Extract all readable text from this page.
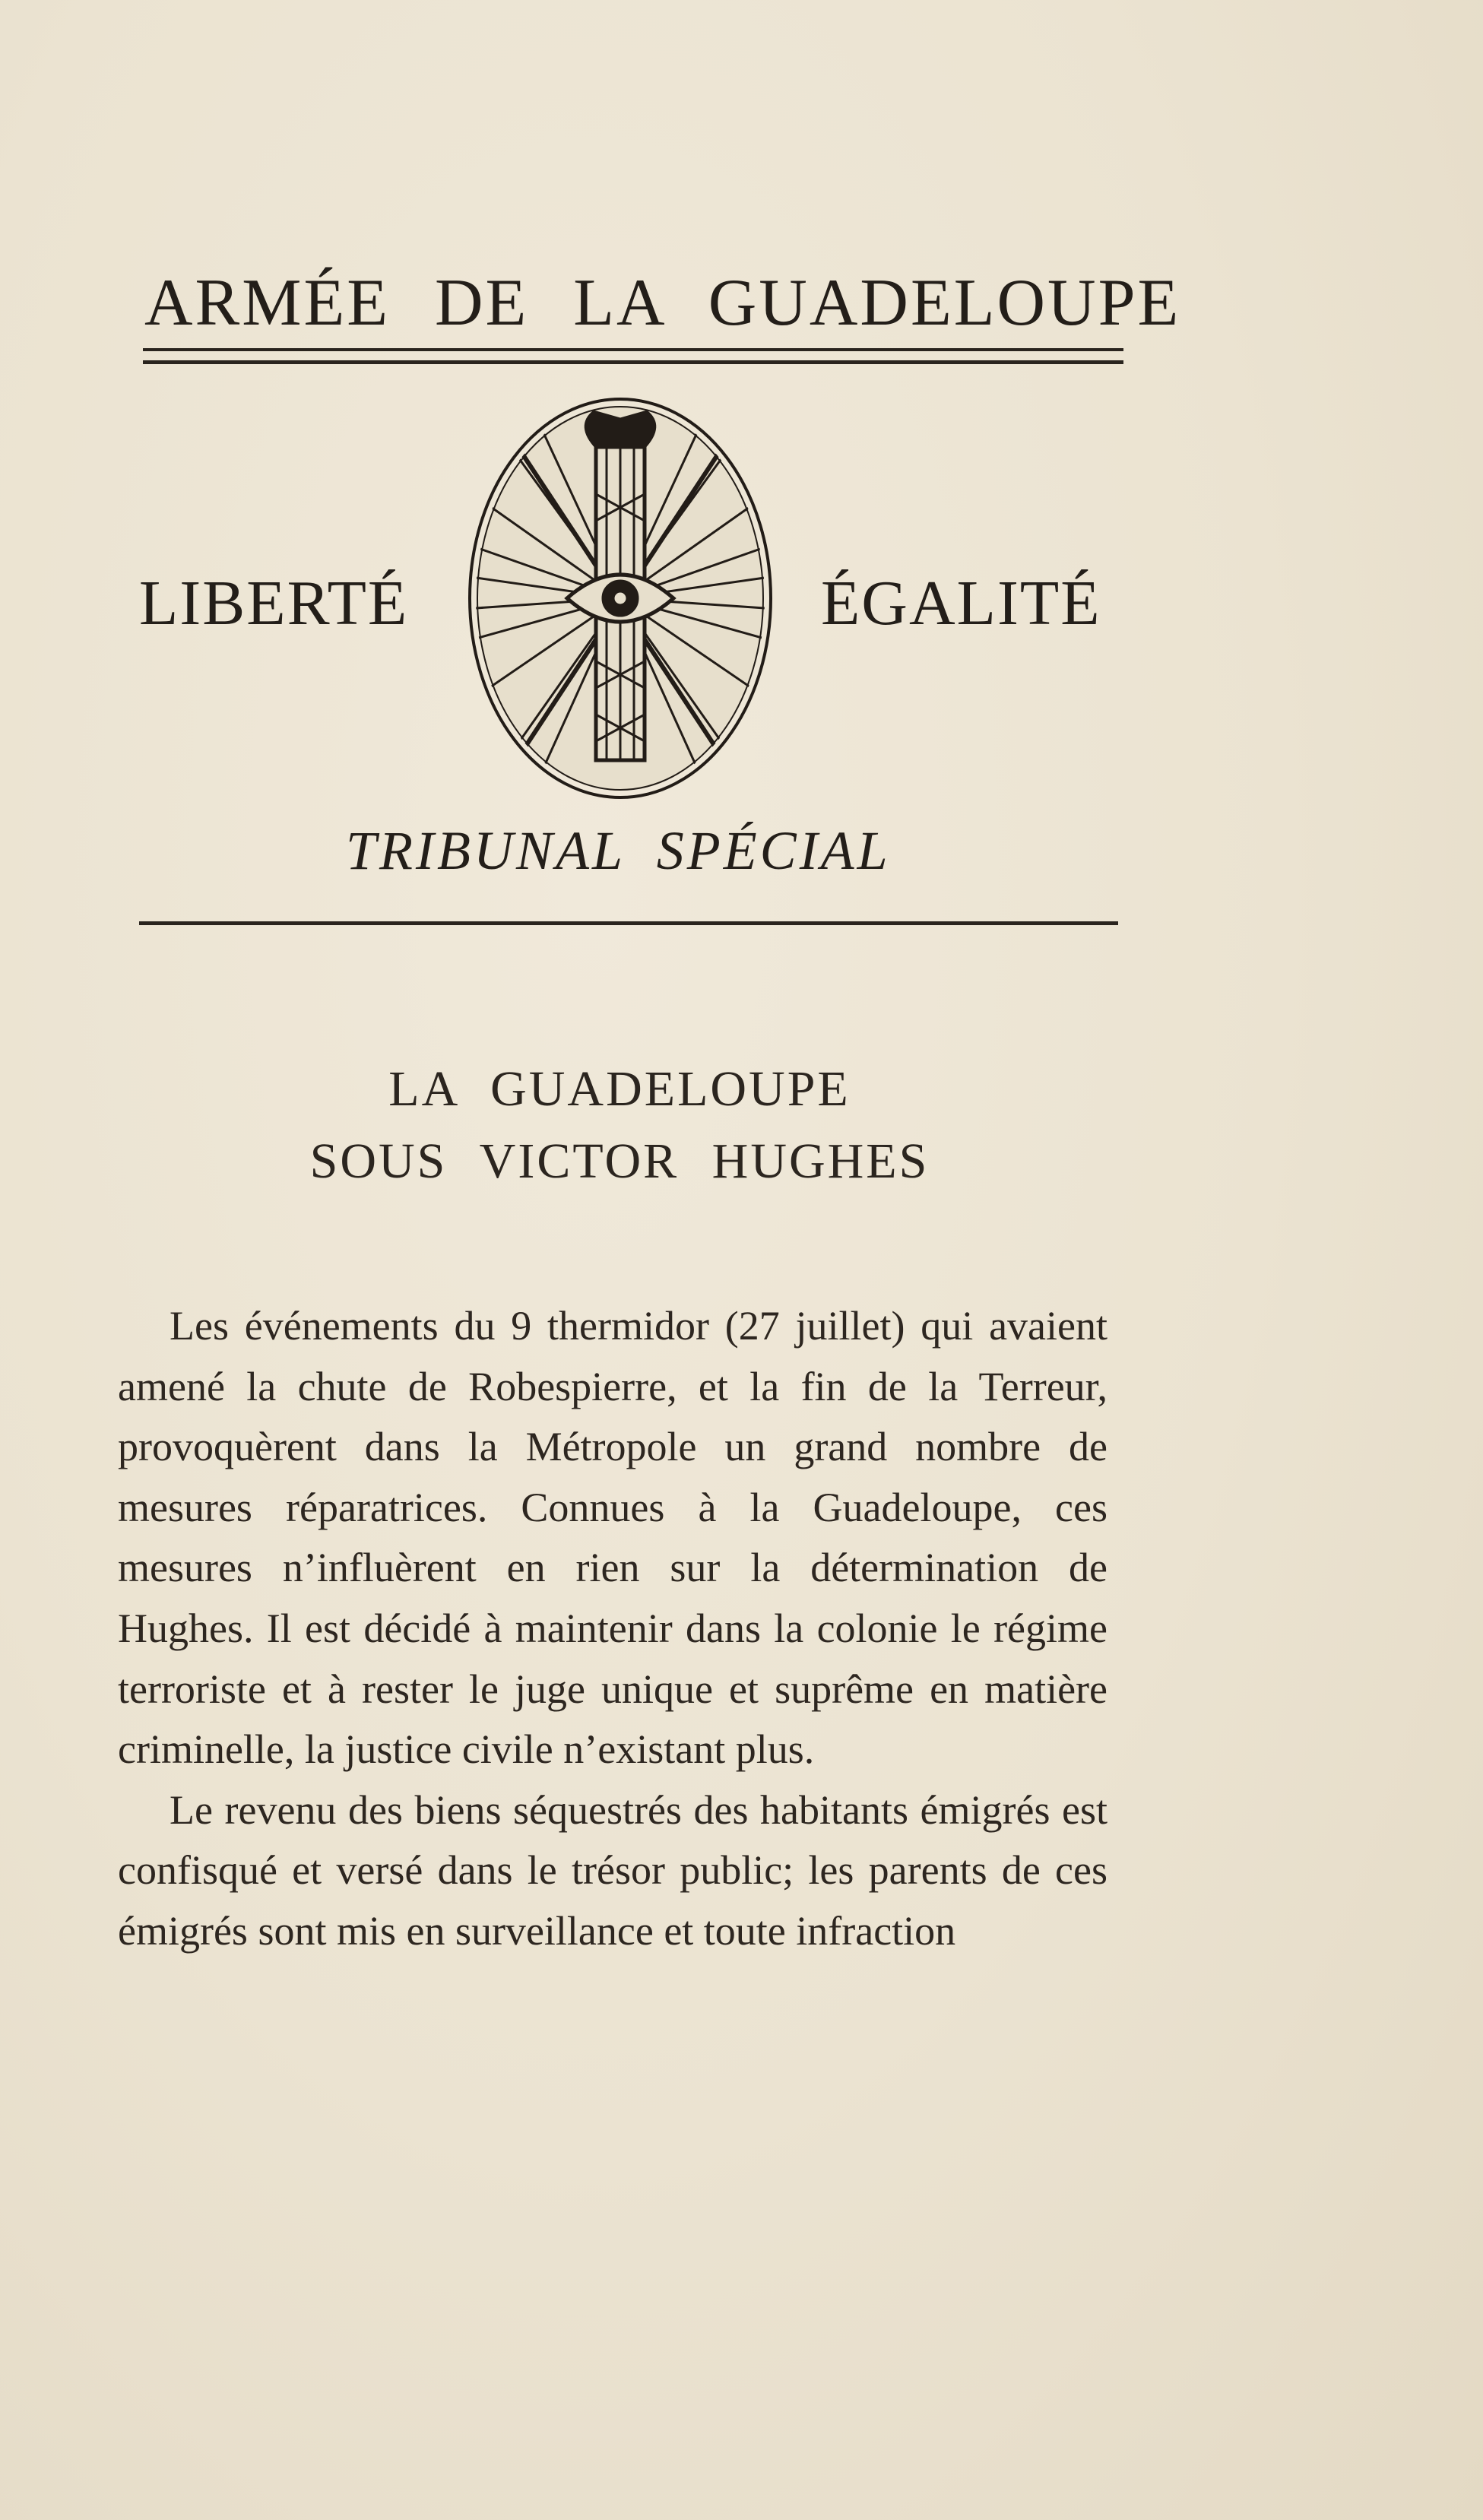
ARMÉE DE LA GUADELOUPE
LIBERTÉ	ÉGALITÉ
TRIBUNAL SPÉCIAL
LA GUADELOUPE
SOUS VICTOR HUGHES

Les événements du 9 thermidor (27 juillet) qui avaient amené la chute de Robespierre, et la fin de la Terreur, provoquèrent dans la Métropole un grand nombre de mesures réparatrices. Connues à la Guadeloupe, ces mesures n’influèrent en rien sur la détermination de Hughes. Il est décidé à maintenir dans la colonie le régime terroriste et à rester le juge unique et suprême en matière criminelle, la justice civile n’existant plus.

Le revenu des biens séquestrés des habitants émigrés est confisqué et versé dans le trésor public; les parents de ces émigrés sont mis en surveillance et toute infraction
